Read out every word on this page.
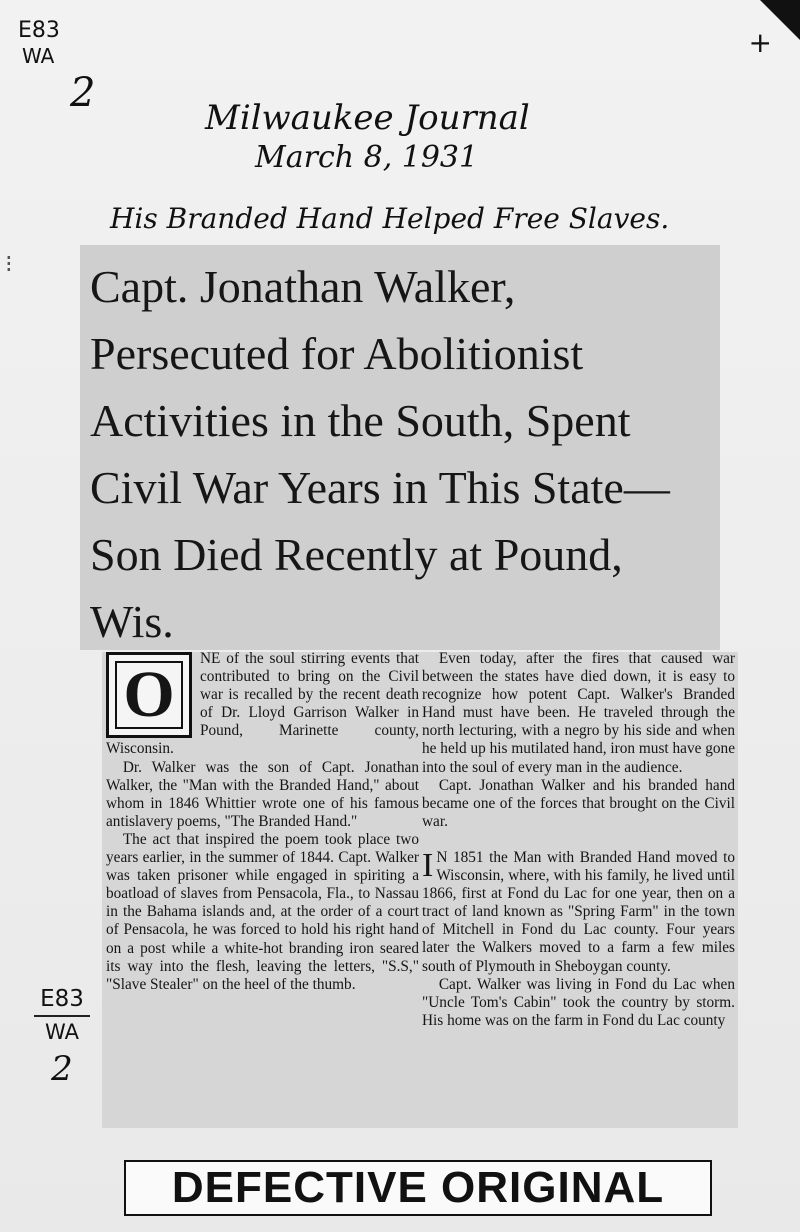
E83
WA
2
+
Milwaukee Journal
March 8, 1931
His Branded Hand Helped Free Slaves.
⁝ Capt. Jonathan Walker, Persecuted for Abolitionist Activities in the South, Spent Civil War Years in This State—Son Died Recently at Pound, Wis.
O	NE of the soul stirring events that contributed to bring on the Civil war is recalled by the recent death of Dr. Lloyd Garrison Walker in Pound, Marinette county, Wisconsin.

Dr. Walker was the son of Capt. Jonathan Walker, the "Man with the Branded Hand," about whom in 1846 Whittier wrote one of his famous antislavery poems, "The Branded Hand."

The act that inspired the poem took place two years earlier, in the summer of 1844. Capt. Walker was taken prisoner while engaged in spiriting a boatload of slaves from Pensacola, Fla., to Nassau in the Bahama islands and, at the order of a court of Pensacola, he was forced to hold his right hand on a post while a white-hot branding iron seared its way into the flesh, leaving the letters, "S.S," "Slave Stealer" on the heel of the thumb.

Even today, after the fires that caused war between the states have died down, it is easy to recognize how potent Capt. Walker's Branded Hand must have been. He traveled through the north lecturing, with a negro by his side and when he held up his mutilated hand, iron must have gone into the soul of every man in the audience.

Capt. Jonathan Walker and his branded hand became one of the forces that brought on the Civil war.

I N 1851 the Man with Branded Hand moved to Wisconsin, where, with his family, he lived until 1866, first at Fond du Lac for one year, then on a tract of land known as "Spring Farm" in the town of Mitchell in Fond du Lac county. Four years later the Walkers moved to a farm a few miles south of Plymouth in Sheboygan county.

Capt. Walker was living in Fond du Lac when "Uncle Tom's Cabin" took the country by storm. His home was on the farm in Fond du Lac county

E83
WA
2
DEFECTIVE ORIGINAL
